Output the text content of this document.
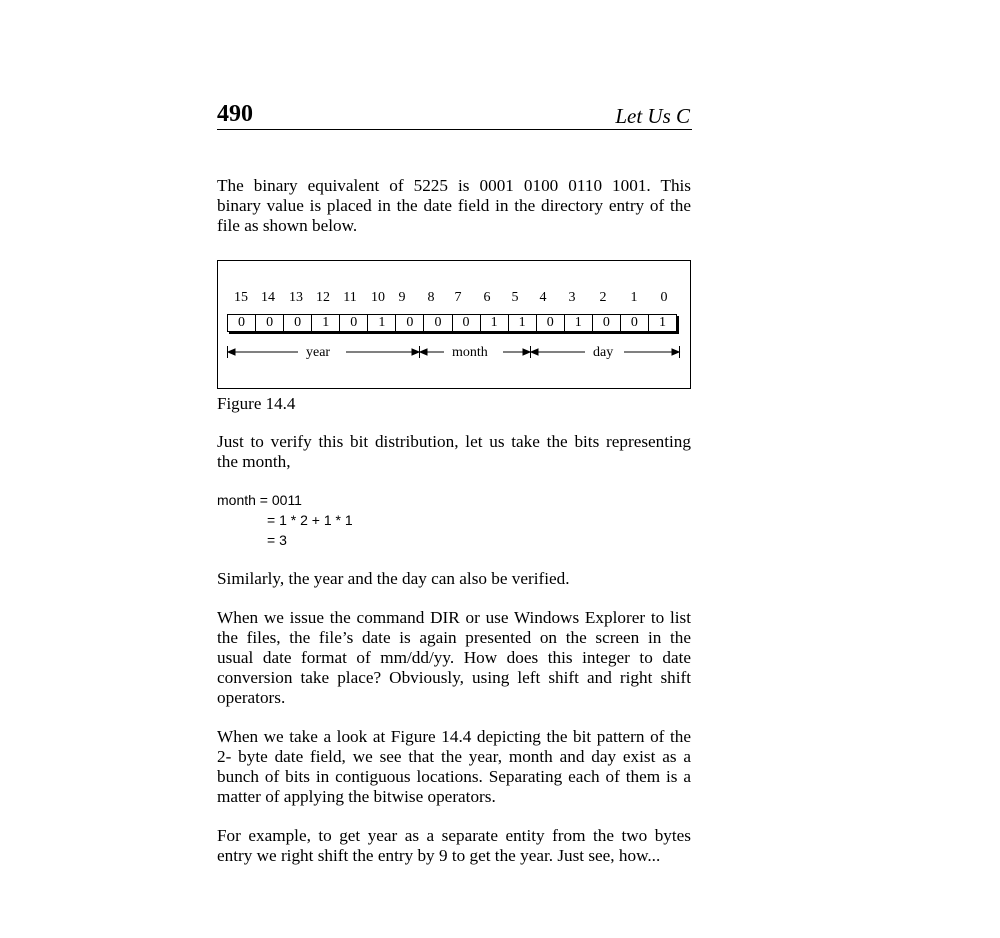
490	Let Us C

The binary equivalent of 5225 is 0001 0100 0110 1001. This
binary value is placed in the date field in the directory entry of the
file as shown below.

15 14	13 12 11	10 9	8	7	6	5	4	3	2	1	0
0	0	0	1	0	1	0	0	0	1	1	0	1	0	0	1
year	month	day
Figure 14.4

Just to verify this bit distribution, let us take the bits representing
the month,

month = 0011
= 1 * 2 + 1 * 1
= 3

Similarly, the year and the day can also be verified.

When we issue the command DIR or use Windows Explorer to list
the files, the file’s date is again presented on the screen in the
usual date format of mm/dd/yy. How does this integer to date
conversion take place? Obviously, using left shift and right shift
operators.

When we take a look at Figure 14.4 depicting the bit pattern of the
2- byte date field, we see that the year, month and day exist as a
bunch of bits in contiguous locations. Separating each of them is a
matter of applying the bitwise operators.

For example, to get year as a separate entity from the two bytes
entry we right shift the entry by 9 to get the year. Just see, how...
